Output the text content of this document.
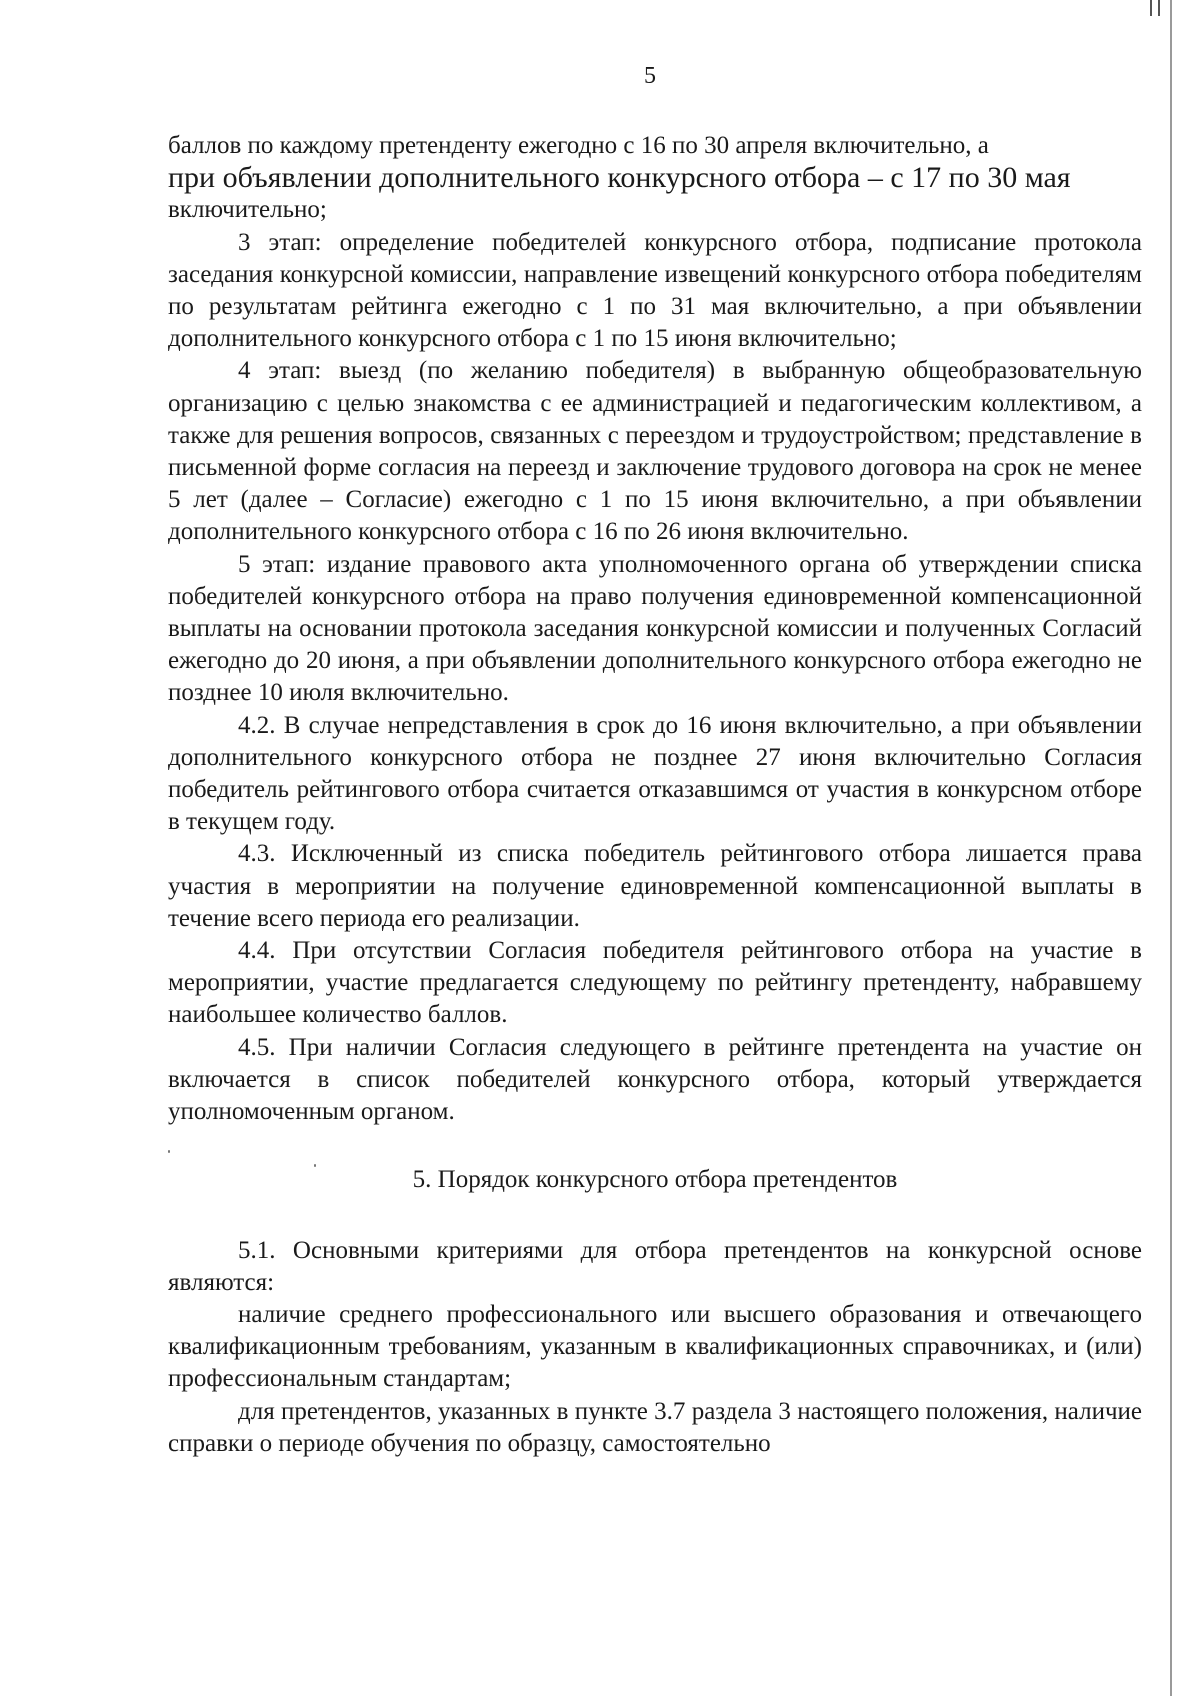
5

баллов по каждому претенденту ежегодно с 16 по 30 апреля включительно, а

при объявлении дополнительного конкурсного отбора – с 17 по 30 мая

включительно;

3 этап: определение победителей конкурсного отбора, подписание протокола заседания конкурсной комиссии, направление извещений конкурсного отбора победителям по результатам рейтинга ежегодно с 1 по 31 мая включительно, а при объявлении дополнительного конкурсного отбора с 1 по 15 июня включительно;

4 этап: выезд (по желанию победителя) в выбранную общеобразовательную организацию с целью знакомства с ее администрацией и педагогическим коллективом, а также для решения вопросов, связанных с переездом и трудоустройством; представление в письменной форме согласия на переезд и заключение трудового договора на срок не менее 5 лет (далее – Согласие) ежегодно с 1 по 15 июня включительно, а при объявлении дополнительного конкурсного отбора с 16 по 26 июня включительно.

5 этап: издание правового акта уполномоченного органа об утверждении списка победителей конкурсного отбора на право получения единовременной компенсационной выплаты на основании протокола заседания конкурсной комиссии и полученных Согласий ежегодно до 20 июня, а при объявлении дополнительного конкурсного отбора ежегодно не позднее 10 июля включительно.

4.2. В случае непредставления в срок до 16 июня включительно, а при объявлении дополнительного конкурсного отбора не позднее 27 июня включительно Согласия победитель рейтингового отбора считается отказавшимся от участия в конкурсном отборе в текущем году.

4.3. Исключенный из списка победитель рейтингового отбора лишается права участия в мероприятии на получение единовременной компенсационной выплаты в течение всего периода его реализации.

4.4. При отсутствии Согласия победителя рейтингового отбора на участие в мероприятии, участие предлагается следующему по рейтингу претенденту, набравшему наибольшее количество баллов.

4.5. При наличии Согласия следующего в рейтинге претендента на участие он включается в список победителей конкурсного отбора, который утверждается уполномоченным органом.

5. Порядок конкурсного отбора претендентов

5.1. Основными критериями для отбора претендентов на конкурсной основе являются:

наличие среднего профессионального или высшего образования и отвечающего квалификационным требованиям, указанным в квалификационных справочниках, и (или) профессиональным стандартам;

для претендентов, указанных в пункте 3.7 раздела 3 настоящего положения, наличие справки о периоде обучения по образцу, самостоятельно
